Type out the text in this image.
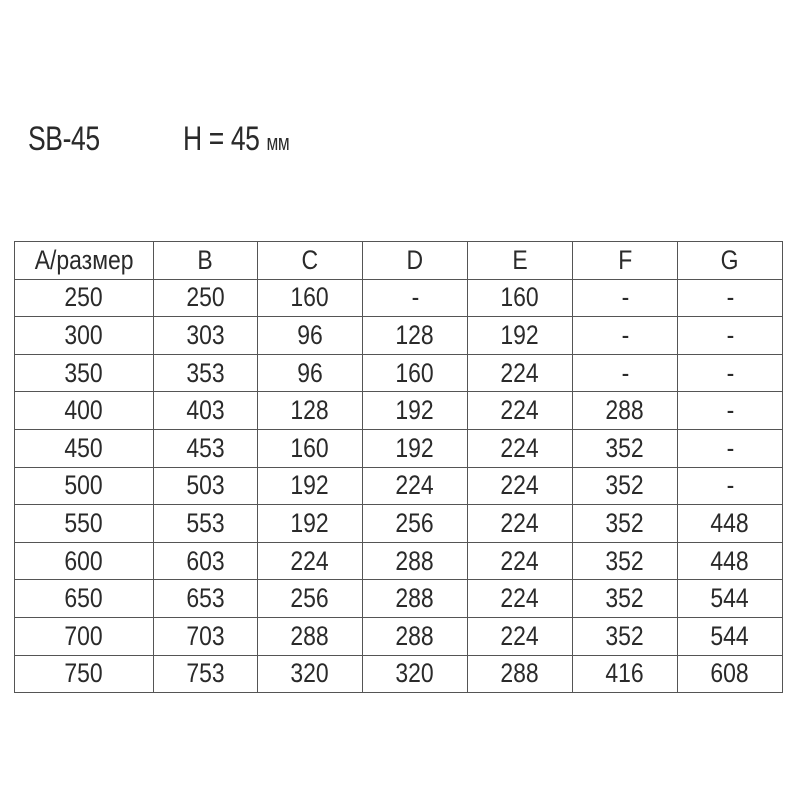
SB-45 H = 45 мм
A/размер	B	C	D	E	F	G
250	250	160	-	160	-	-
300	303	96	128	192	-	-
350	353	96	160	224	-	-
400	403	128	192	224	288	-
450	453	160	192	224	352	-
500	503	192	224	224	352	-
550	553	192	256	224	352	448
600	603	224	288	224	352	448
650	653	256	288	224	352	544
700	703	288	288	224	352	544
750	753	320	320	288	416	608
